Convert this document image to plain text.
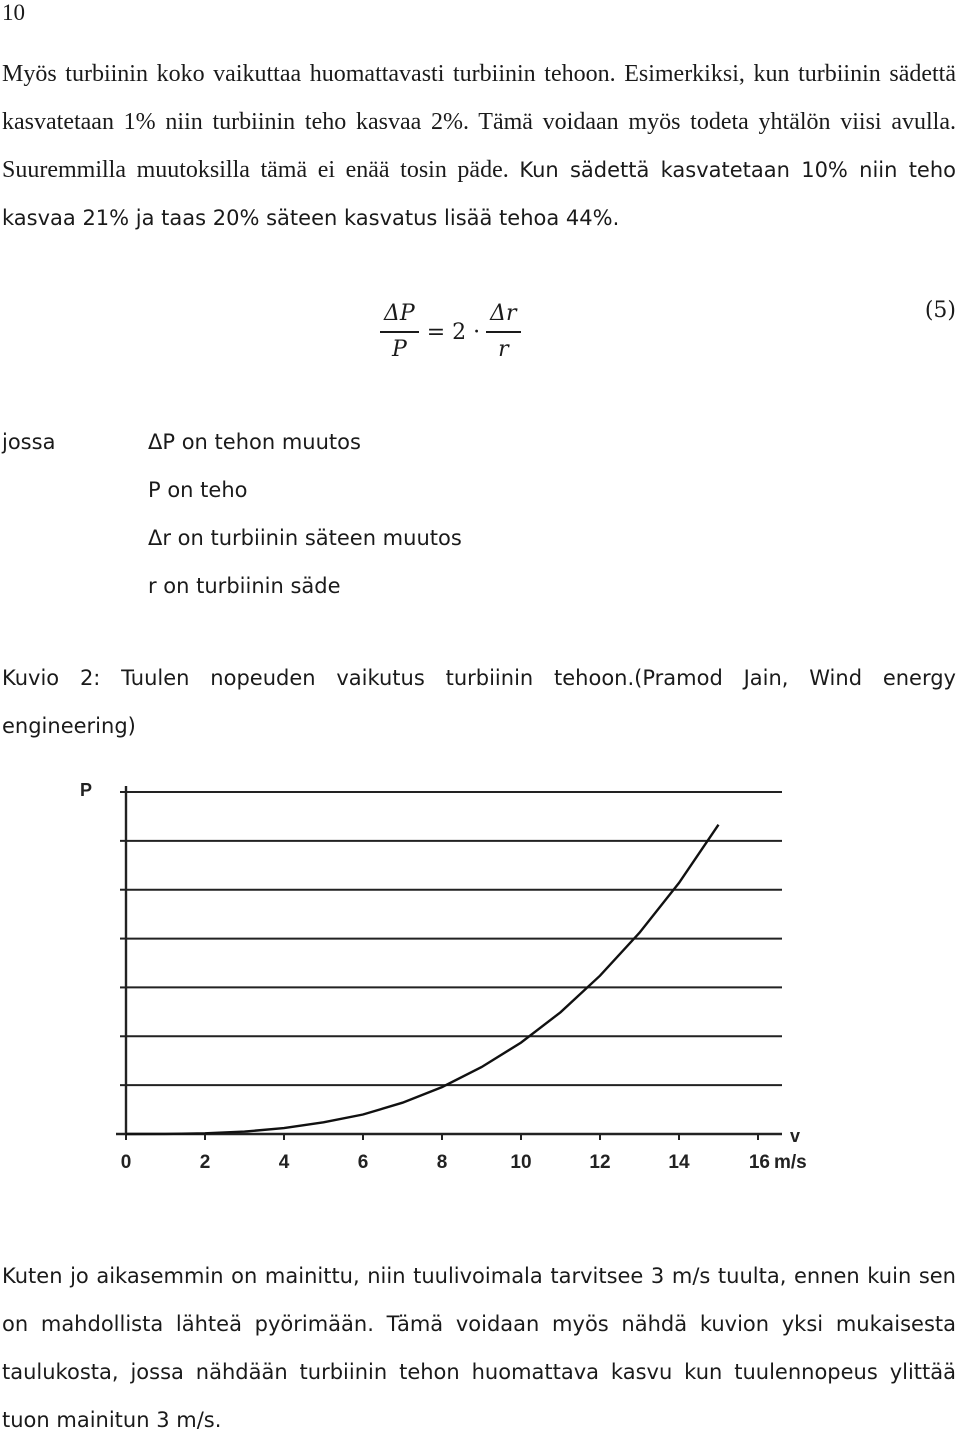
10

Myös turbiinin koko vaikuttaa huomattavasti turbiinin tehoon. Esimerkiksi, kun turbiinin sädettä kasvatetaan 1% niin turbiinin teho kasvaa 2%. Tämä voidaan myös todeta yhtälön viisi avulla. Suuremmilla muutoksilla tämä ei enää tosin päde. Kun sädettä kasvatetaan 10% niin teho kasvaa 21% ja taas 20% säteen kasvatus lisää tehoa 44%.

$\frac{\Delta P}{P} = 2 \cdot \frac{\Delta r}{r}$	(5)
jossa	ΔP on tehon muutos
P on teho
Δr on turbiinin säteen muutos
r on turbiinin säde

Kuvio 2: Tuulen nopeuden vaikutus turbiinin tehoon.(Pramod Jain, Wind energy engineering)

0	2	4	6	8	10	12	14	16
P
v
m/s

Kuten jo aikasemmin on mainittu, niin tuulivoimala tarvitsee 3 m/s tuulta, ennen kuin sen on mahdollista lähteä pyörimään. Tämä voidaan myös nähdä kuvion yksi mukaisesta taulukosta, jossa nähdään turbiinin tehon huomattava kasvu kun tuulennopeus ylittää tuon mainitun 3 m/s.
